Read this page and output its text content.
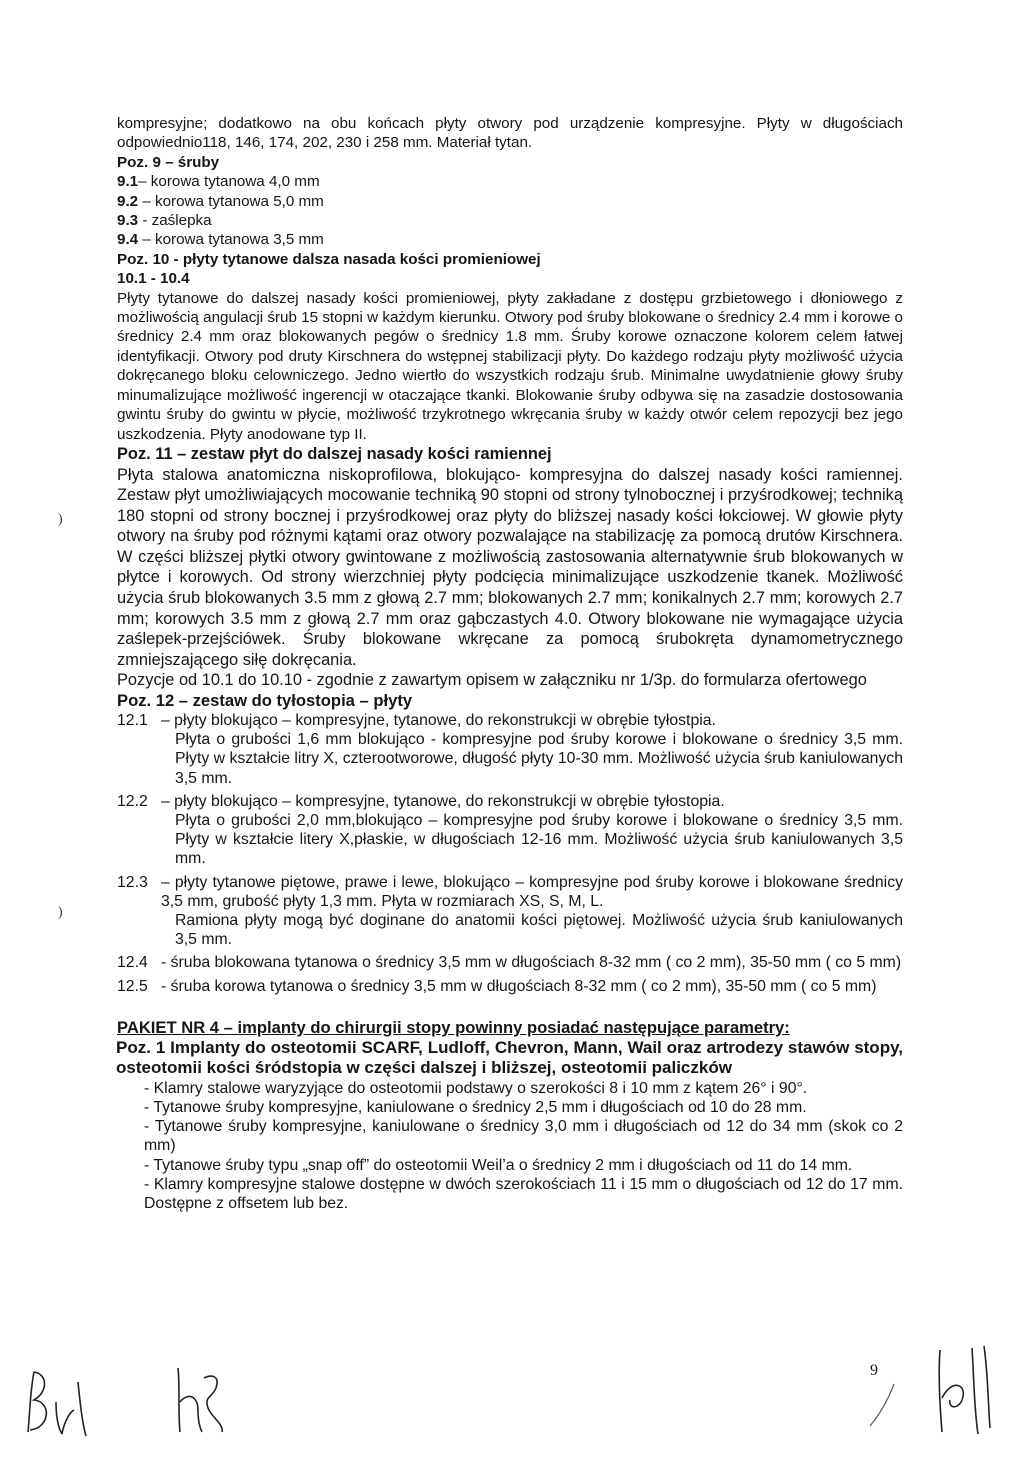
kompresyjne; dodatkowo na obu końcach płyty otwory pod urządzenie kompresyjne. Płyty w długościach odpowiednio118, 146, 174, 202, 230 i 258 mm. Materiał tytan.

Poz. 9 – śruby

9.1– korowa tytanowa 4,0 mm
9.2 – korowa tytanowa 5,0 mm
9.3 - zaślepka
9.4 – korowa tytanowa 3,5 mm

Poz. 10 - płyty tytanowe dalsza nasada kości promieniowej

10.1 - 10.4

Płyty tytanowe do dalszej nasady kości promieniowej, płyty zakładane z dostępu grzbietowego i dłoniowego z możliwością angulacji śrub 15 stopni w każdym kierunku. Otwory pod śruby blokowane o średnicy 2.4 mm i korowe o średnicy 2.4 mm oraz blokowanych pegów o średnicy 1.8 mm. Śruby korowe oznaczone kolorem celem łatwej identyfikacji. Otwory pod druty Kirschnera do wstępnej stabilizacji płyty. Do każdego rodzaju płyty możliwość użycia dokręcanego bloku celowniczego. Jedno wiertło do wszystkich rodzaju śrub. Minimalne uwydatnienie głowy śruby minumalizujące możliwość ingerencji w otaczające tkanki. Blokowanie śruby odbywa się na zasadzie dostosowania gwintu śruby do gwintu w płycie, możliwość trzykrotnego wkręcania śruby w każdy otwór celem repozycji bez jego uszkodzenia. Płyty anodowane typ II.

Poz. 11 – zestaw płyt do dalszej nasady kości ramiennej

Płyta stalowa anatomiczna niskoprofilowa, blokująco- kompresyjna do dalszej nasady kości ramiennej. Zestaw płyt umożliwiających mocowanie techniką 90 stopni od strony tylnobocznej i przyśrodkowej; techniką 180 stopni od strony bocznej i przyśrodkowej oraz płyty do bliższej nasady kości łokciowej. W głowie płyty otwory na śruby pod różnymi kątami oraz otwory pozwalające na stabilizację za pomocą drutów Kirschnera. W części bliższej płytki otwory gwintowane z możliwością zastosowania alternatywnie śrub blokowanych w płytce i korowych. Od strony wierzchniej płyty podcięcia minimalizujące uszkodzenie tkanek. Możliwość użycia śrub blokowanych 3.5 mm z głową 2.7 mm; blokowanych 2.7 mm; konikalnych 2.7 mm; korowych 2.7 mm; korowych 3.5 mm z głową 2.7 mm oraz gąbczastych 4.0. Otwory blokowane nie wymagające użycia zaślepek-przejściówek. Śruby blokowane wkręcane za pomocą śrubokręta dynamometrycznego zmniejszającego siłę dokręcania.

Pozycje od 10.1 do 10.10 - zgodnie z zawartym opisem w załączniku nr 1/3p. do formularza ofertowego

Poz. 12 – zestaw do tyłostopia – płyty

12.1 – płyty blokująco – kompresyjne, tytanowe, do rekonstrukcji w obrębie tyłostpia.

Płyta o grubości 1,6 mm blokująco - kompresyjne pod śruby korowe i blokowane o średnicy 3,5 mm. Płyty w kształcie litry X, czterootworowe, długość płyty 10-30 mm. Możliwość użycia śrub kaniulowanych 3,5 mm.

12.2 – płyty blokująco – kompresyjne, tytanowe, do rekonstrukcji w obrębie tyłostopia.

Płyta o grubości 2,0 mm,blokująco – kompresyjne pod śruby korowe i blokowane o średnicy 3,5 mm. Płyty w kształcie litery X,płaskie, w długościach 12-16 mm. Możliwość użycia śrub kaniulowanych 3,5 mm.

12.3 – płyty tytanowe piętowe, prawe i lewe, blokująco – kompresyjne pod śruby korowe i blokowane średnicy 3,5 mm, grubość płyty 1,3 mm. Płyta w rozmiarach XS, S, M, L.

Ramiona płyty mogą być doginane do anatomii kości piętowej. Możliwość użycia śrub kaniulowanych 3,5 mm.

12.4 - śruba blokowana tytanowa o średnicy 3,5 mm w długościach 8-32 mm ( co 2 mm), 35-50 mm ( co 5 mm)
12.5 - śruba korowa tytanowa o średnicy 3,5 mm w długościach 8-32 mm ( co 2 mm), 35-50 mm ( co 5 mm)

PAKIET NR 4 – implanty do chirurgii stopy powinny posiadać następujące parametry:

Poz. 1 Implanty do osteotomii SCARF, Ludloff, Chevron, Mann, Wail oraz artrodezy stawów stopy, osteotomii kości śródstopia w części dalszej i bliższej, osteotomii paliczków

- Klamry stalowe waryzyjące do osteotomii podstawy o szerokości 8 i 10 mm z kątem 26° i 90°.

- Tytanowe śruby kompresyjne, kaniulowane o średnicy 2,5 mm i długościach od 10 do 28 mm.

- Tytanowe śruby kompresyjne, kaniulowane o średnicy 3,0 mm i długościach od 12 do 34 mm (skok co 2 mm)

- Tytanowe śruby typu „snap off” do osteotomii Weil’a o średnicy 2 mm i długościach od 11 do 14 mm.

- Klamry kompresyjne stalowe dostępne w dwóch szerokościach 11 i 15 mm o długościach od 12 do 17 mm. Dostępne z offsetem lub bez.

)
)
9
